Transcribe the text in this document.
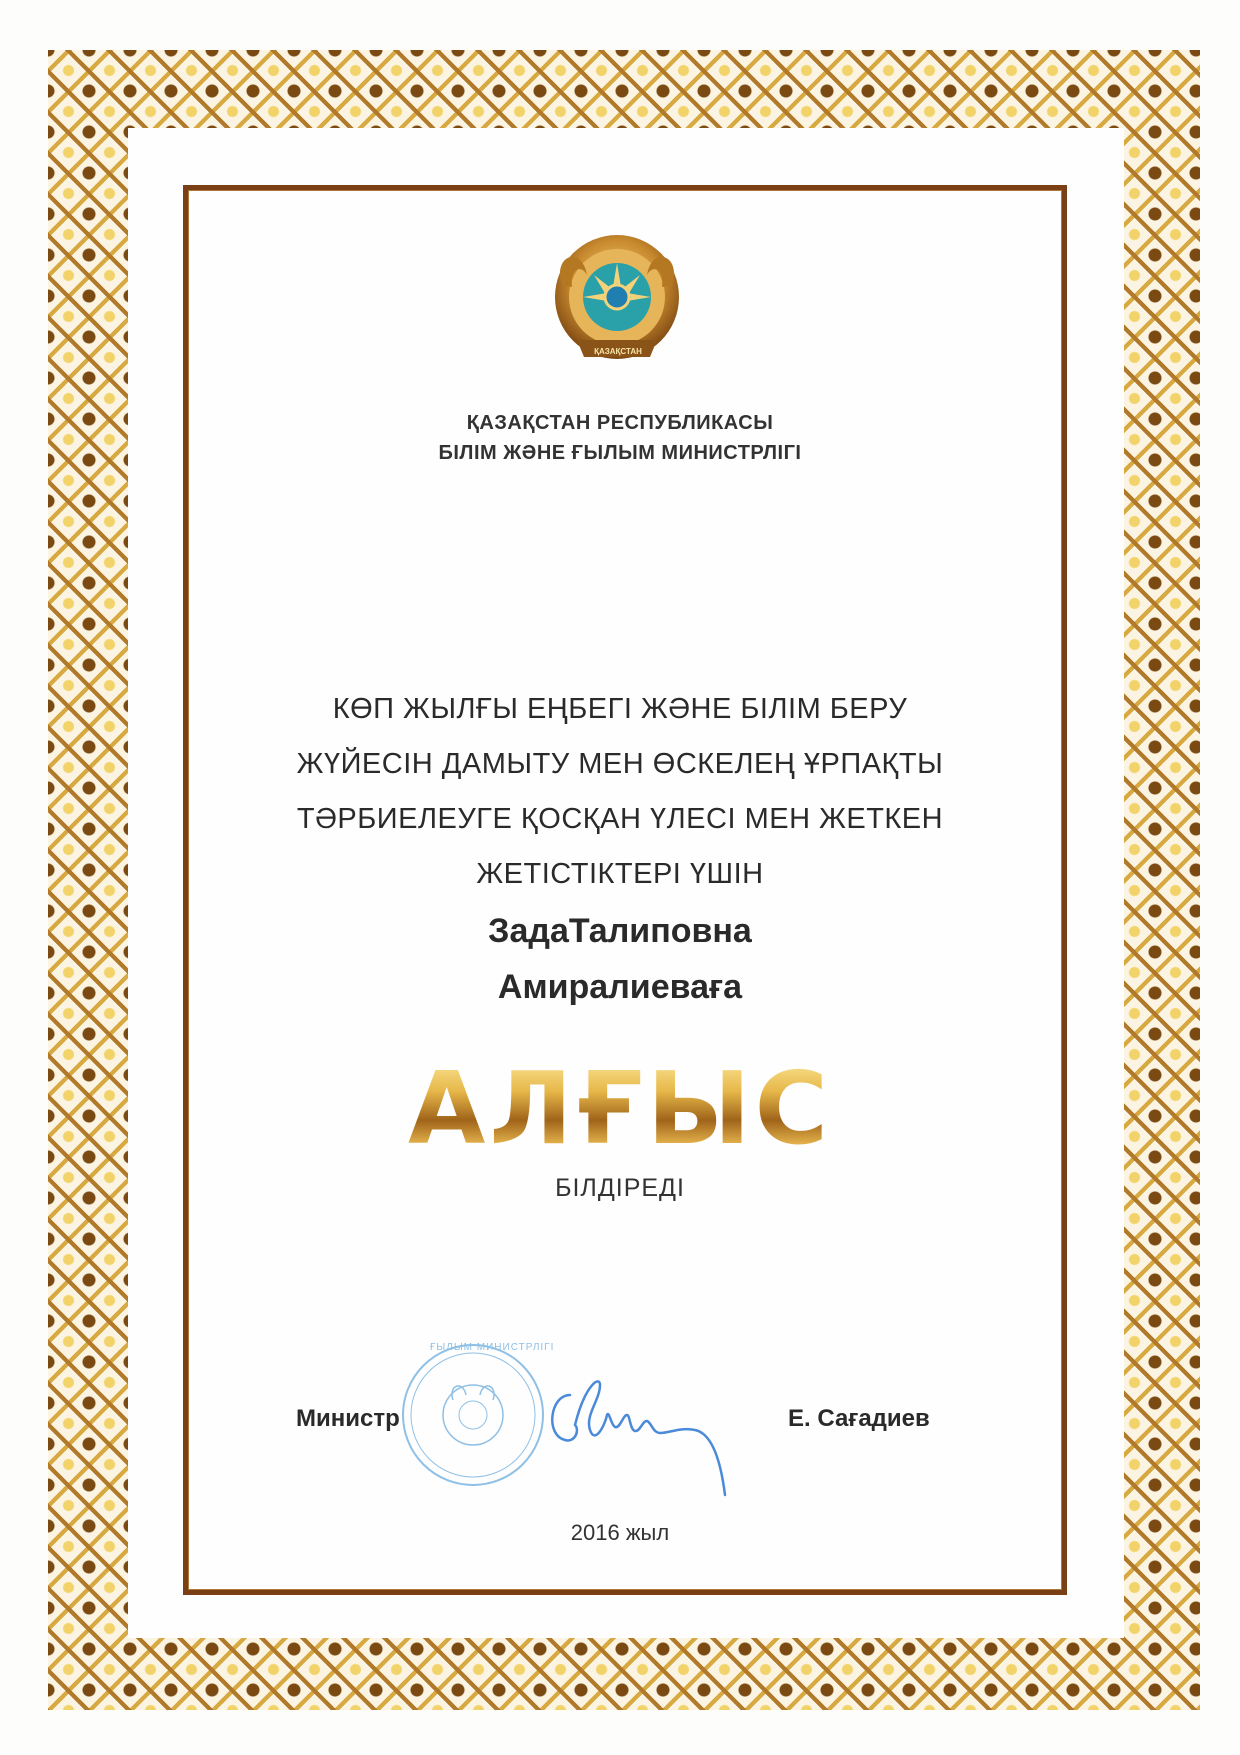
ҚАЗАҚСТАН
ҚАЗАҚСТАН РЕСПУБЛИКАСЫ
БІЛІМ ЖӘНЕ ҒЫЛЫМ МИНИСТРЛІГІ
КӨП ЖЫЛҒЫ ЕҢБЕГІ ЖӘНЕ БІЛІМ БЕРУ
ЖҮЙЕСІН ДАМЫТУ МЕН ӨСКЕЛЕҢ ҰРПАҚТЫ
ТӘРБИЕЛЕУГЕ ҚОСҚАН ҮЛЕСІ МЕН ЖЕТКЕН
ЖЕТІСТІКТЕРІ ҮШІН
ЗадаТалиповна
Амиралиеваға
АЛҒЫС
БІЛДІРЕДІ
ҒЫЛЫМ МИНИСТРЛІГІ
Министр	Е. Сағадиев
2016 жыл
